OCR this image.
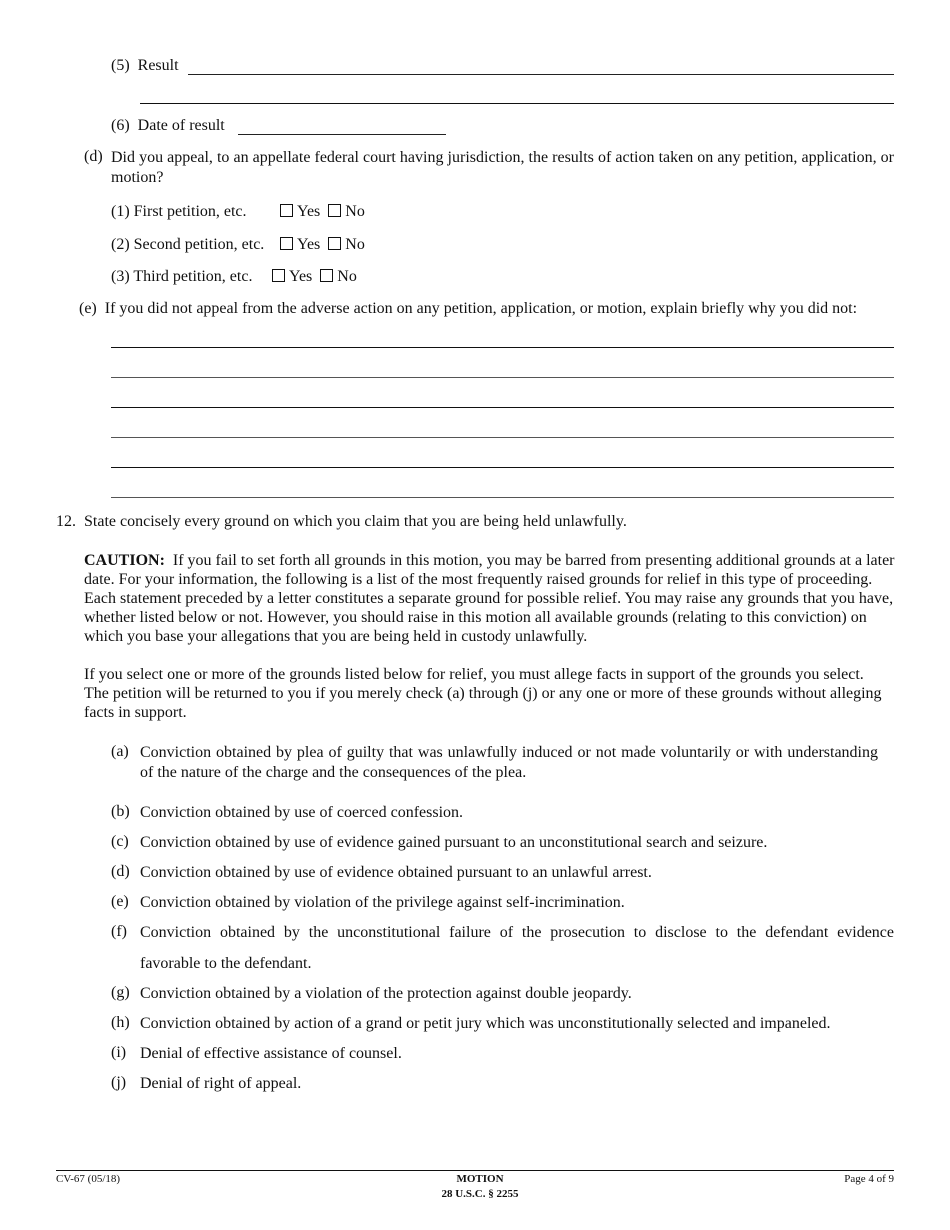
(5) Result
(6) Date of result
(d) Did you appeal, to an appellate federal court having jurisdiction, the results of action taken on any petition, application, or motion?
(1) First petition, etc.	Yes No
(2) Second petition, etc.	Yes No
(3) Third petition, etc.	Yes No
(e) If you did not appeal from the adverse action on any petition, application, or motion, explain briefly why you did not:
12. State concisely every ground on which you claim that you are being held unlawfully.
CAUTION: If you fail to set forth all grounds in this motion, you may be barred from presenting additional grounds at a later date. For your information, the following is a list of the most frequently raised grounds for relief in this type of proceeding. Each statement preceded by a letter constitutes a separate ground for possible relief. You may raise any grounds that you have, whether listed below or not. However, you should raise in this motion all available grounds (relating to this conviction) on which you base your allegations that you are being held in custody unlawfully.
If you select one or more of the grounds listed below for relief, you must allege facts in support of the grounds you select. The petition will be returned to you if you merely check (a) through (j) or any one or more of these grounds without alleging facts in support.
(a) Conviction obtained by plea of guilty that was unlawfully induced or not made voluntarily or with understanding of the nature of the charge and the consequences of the plea.
(b) Conviction obtained by use of coerced confession.
(c) Conviction obtained by use of evidence gained pursuant to an unconstitutional search and seizure.
(d) Conviction obtained by use of evidence obtained pursuant to an unlawful arrest.
(e) Conviction obtained by violation of the privilege against self-incrimination.
(f) Conviction obtained by the unconstitutional failure of the prosecution to disclose to the defendant evidence
favorable to the defendant.
(g) Conviction obtained by a violation of the protection against double jeopardy.
(h) Conviction obtained by action of a grand or petit jury which was unconstitutionally selected and impaneled.
(i) Denial of effective assistance of counsel.
(j) Denial of right of appeal.
CV-67 (05/18)	MOTION
28 U.S.C. § 2255
Page 4 of 9
